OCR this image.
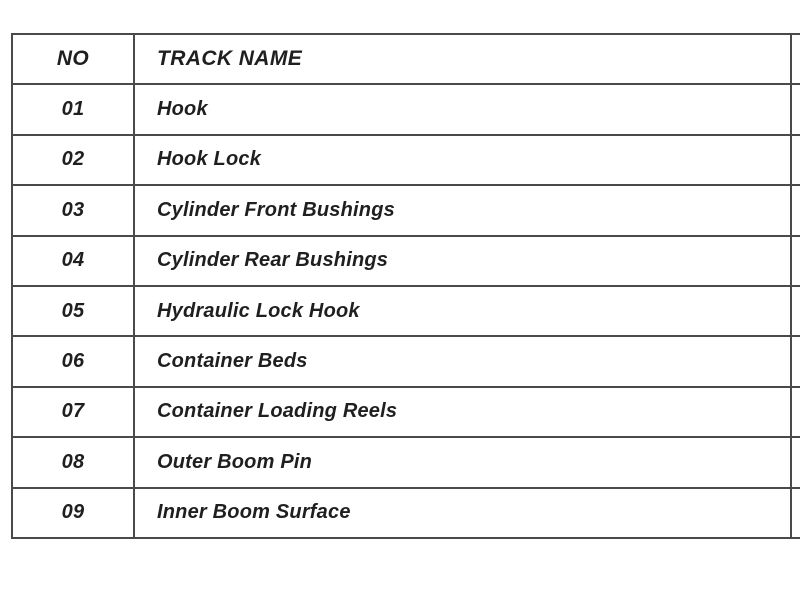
NO	TRACK NAME
01	Hook
02	Hook Lock
03	Cylinder Front Bushings
04	Cylinder Rear Bushings
05	Hydraulic Lock Hook
06	Container Beds
07	Container Loading Reels
08	Outer Boom Pin
09	Inner Boom Surface
